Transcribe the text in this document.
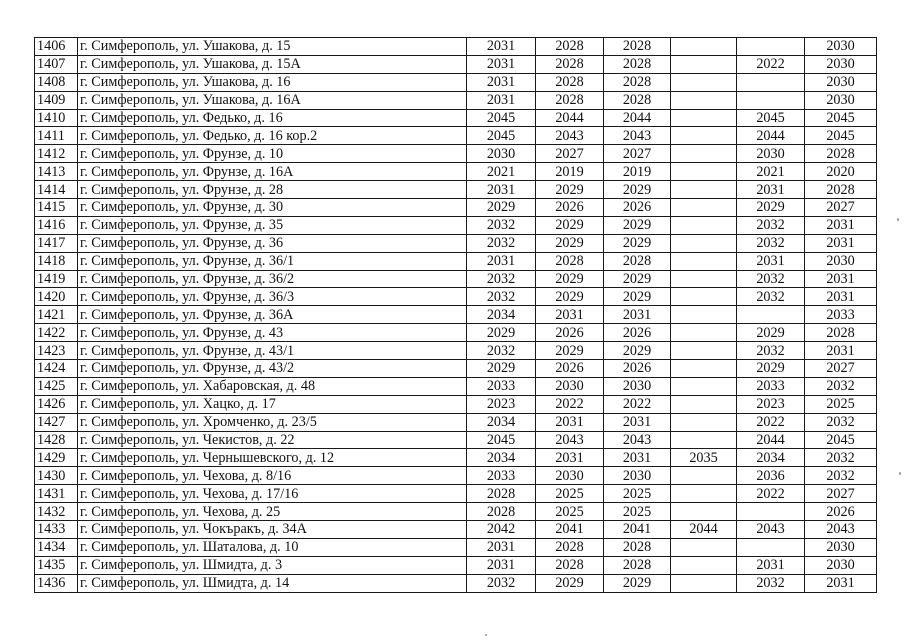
1406	г. Симферополь, ул. Ушакова, д. 15	2031	2028	2028			2030
1407	г. Симферополь, ул. Ушакова, д. 15А	2031	2028	2028		2022	2030
1408	г. Симферополь, ул. Ушакова, д. 16	2031	2028	2028			2030
1409	г. Симферополь, ул. Ушакова, д. 16А	2031	2028	2028			2030
1410	г. Симферополь, ул. Федько, д. 16	2045	2044	2044		2045	2045
1411	г. Симферополь, ул. Федько, д. 16 кор.2	2045	2043	2043		2044	2045
1412	г. Симферополь, ул. Фрунзе, д. 10	2030	2027	2027		2030	2028
1413	г. Симферополь, ул. Фрунзе, д. 16А	2021	2019	2019		2021	2020
1414	г. Симферополь, ул. Фрунзе, д. 28	2031	2029	2029		2031	2028
1415	г. Симферополь, ул. Фрунзе, д. 30	2029	2026	2026		2029	2027
1416	г. Симферополь, ул. Фрунзе, д. 35	2032	2029	2029		2032	2031
1417	г. Симферополь, ул. Фрунзе, д. 36	2032	2029	2029		2032	2031
1418	г. Симферополь, ул. Фрунзе, д. 36/1	2031	2028	2028		2031	2030
1419	г. Симферополь, ул. Фрунзе, д. 36/2	2032	2029	2029		2032	2031
1420	г. Симферополь, ул. Фрунзе, д. 36/3	2032	2029	2029		2032	2031
1421	г. Симферополь, ул. Фрунзе, д. 36А	2034	2031	2031			2033
1422	г. Симферополь, ул. Фрунзе, д. 43	2029	2026	2026		2029	2028
1423	г. Симферополь, ул. Фрунзе, д. 43/1	2032	2029	2029		2032	2031
1424	г. Симферополь, ул. Фрунзе, д. 43/2	2029	2026	2026		2029	2027
1425	г. Симферополь, ул. Хабаровская, д. 48	2033	2030	2030		2033	2032
1426	г. Симферополь, ул. Хацко, д. 17	2023	2022	2022		2023	2025
1427	г. Симферополь, ул. Хромченко, д. 23/5	2034	2031	2031		2022	2032
1428	г. Симферополь, ул. Чекистов, д. 22	2045	2043	2043		2044	2045
1429	г. Симферополь, ул. Чернышевского, д. 12	2034	2031	2031	2035	2034	2032
1430	г. Симферополь, ул. Чехова, д. 8/16	2033	2030	2030		2036	2032
1431	г. Симферополь, ул. Чехова, д. 17/16	2028	2025	2025		2022	2027
1432	г. Симферополь, ул. Чехова, д. 25	2028	2025	2025			2026
1433	г. Симферополь, ул. Чокъракъ, д. 34А	2042	2041	2041	2044	2043	2043
1434	г. Симферополь, ул. Шаталова, д. 10	2031	2028	2028			2030
1435	г. Симферополь, ул. Шмидта, д. 3	2031	2028	2028		2031	2030
1436	г. Симферополь, ул. Шмидта, д. 14	2032	2029	2029		2032	2031
